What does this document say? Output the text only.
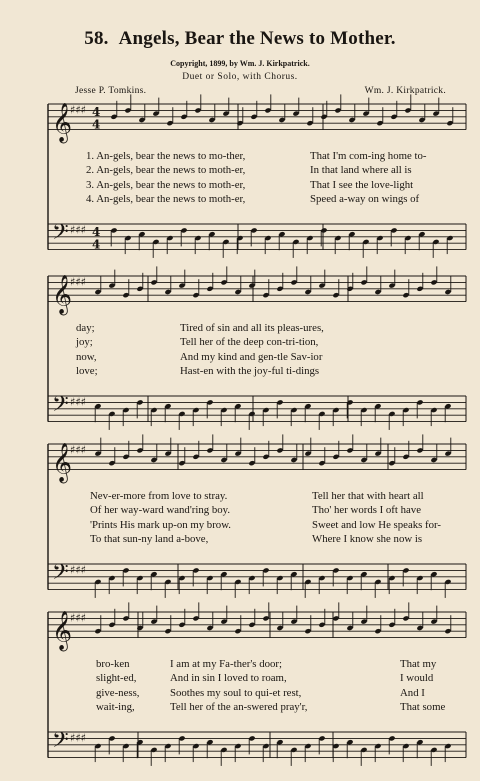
58. Angels, Bear the News to Mother.
Copyright, 1899, by Wm. J. Kirkpatrick.
Duet or Solo, with Chorus.
Jesse P. Tomkins.	Wm. J. Kirkpatrick.
𝄞
𝄢
♯♯♯
♯♯♯
4
4
4
4
1. An-gels, bear the news to mo-ther,	That I'm com-ing home to-
2. An-gels, bear the news to moth-er,	In that land where all is
3. An-gels, bear the news to moth-er,	That I see the love-light
4. An-gels, bear the news to moth-er,	Speed a-way on wings of
𝄞
𝄢
♯♯♯
♯♯♯
day;	Tired of sin and all its pleas-ures,
joy;	Tell her of the deep con-tri-tion,
now,	And my kind and gen-tle Sav-ior
love;	Hast-en with the joy-ful ti-dings
𝄞
𝄢
♯♯♯
♯♯♯
Nev-er-more from love to stray.	Tell her that with heart all
Of her way-ward wand'ring boy.	Tho' her words I oft have
'Prints His mark up-on my brow.	Sweet and low He speaks for-
To that sun-ny land a-bove,	Where I know she now is
𝄞
𝄢
♯♯♯
♯♯♯
bro-ken	I am at my Fa-ther's door;	That my
slight-ed,	And in sin I loved to roam,	I would
give-ness,	Soothes my soul to qui-et rest,	And I
wait-ing,	Tell her of the an-swered pray'r,	That some
